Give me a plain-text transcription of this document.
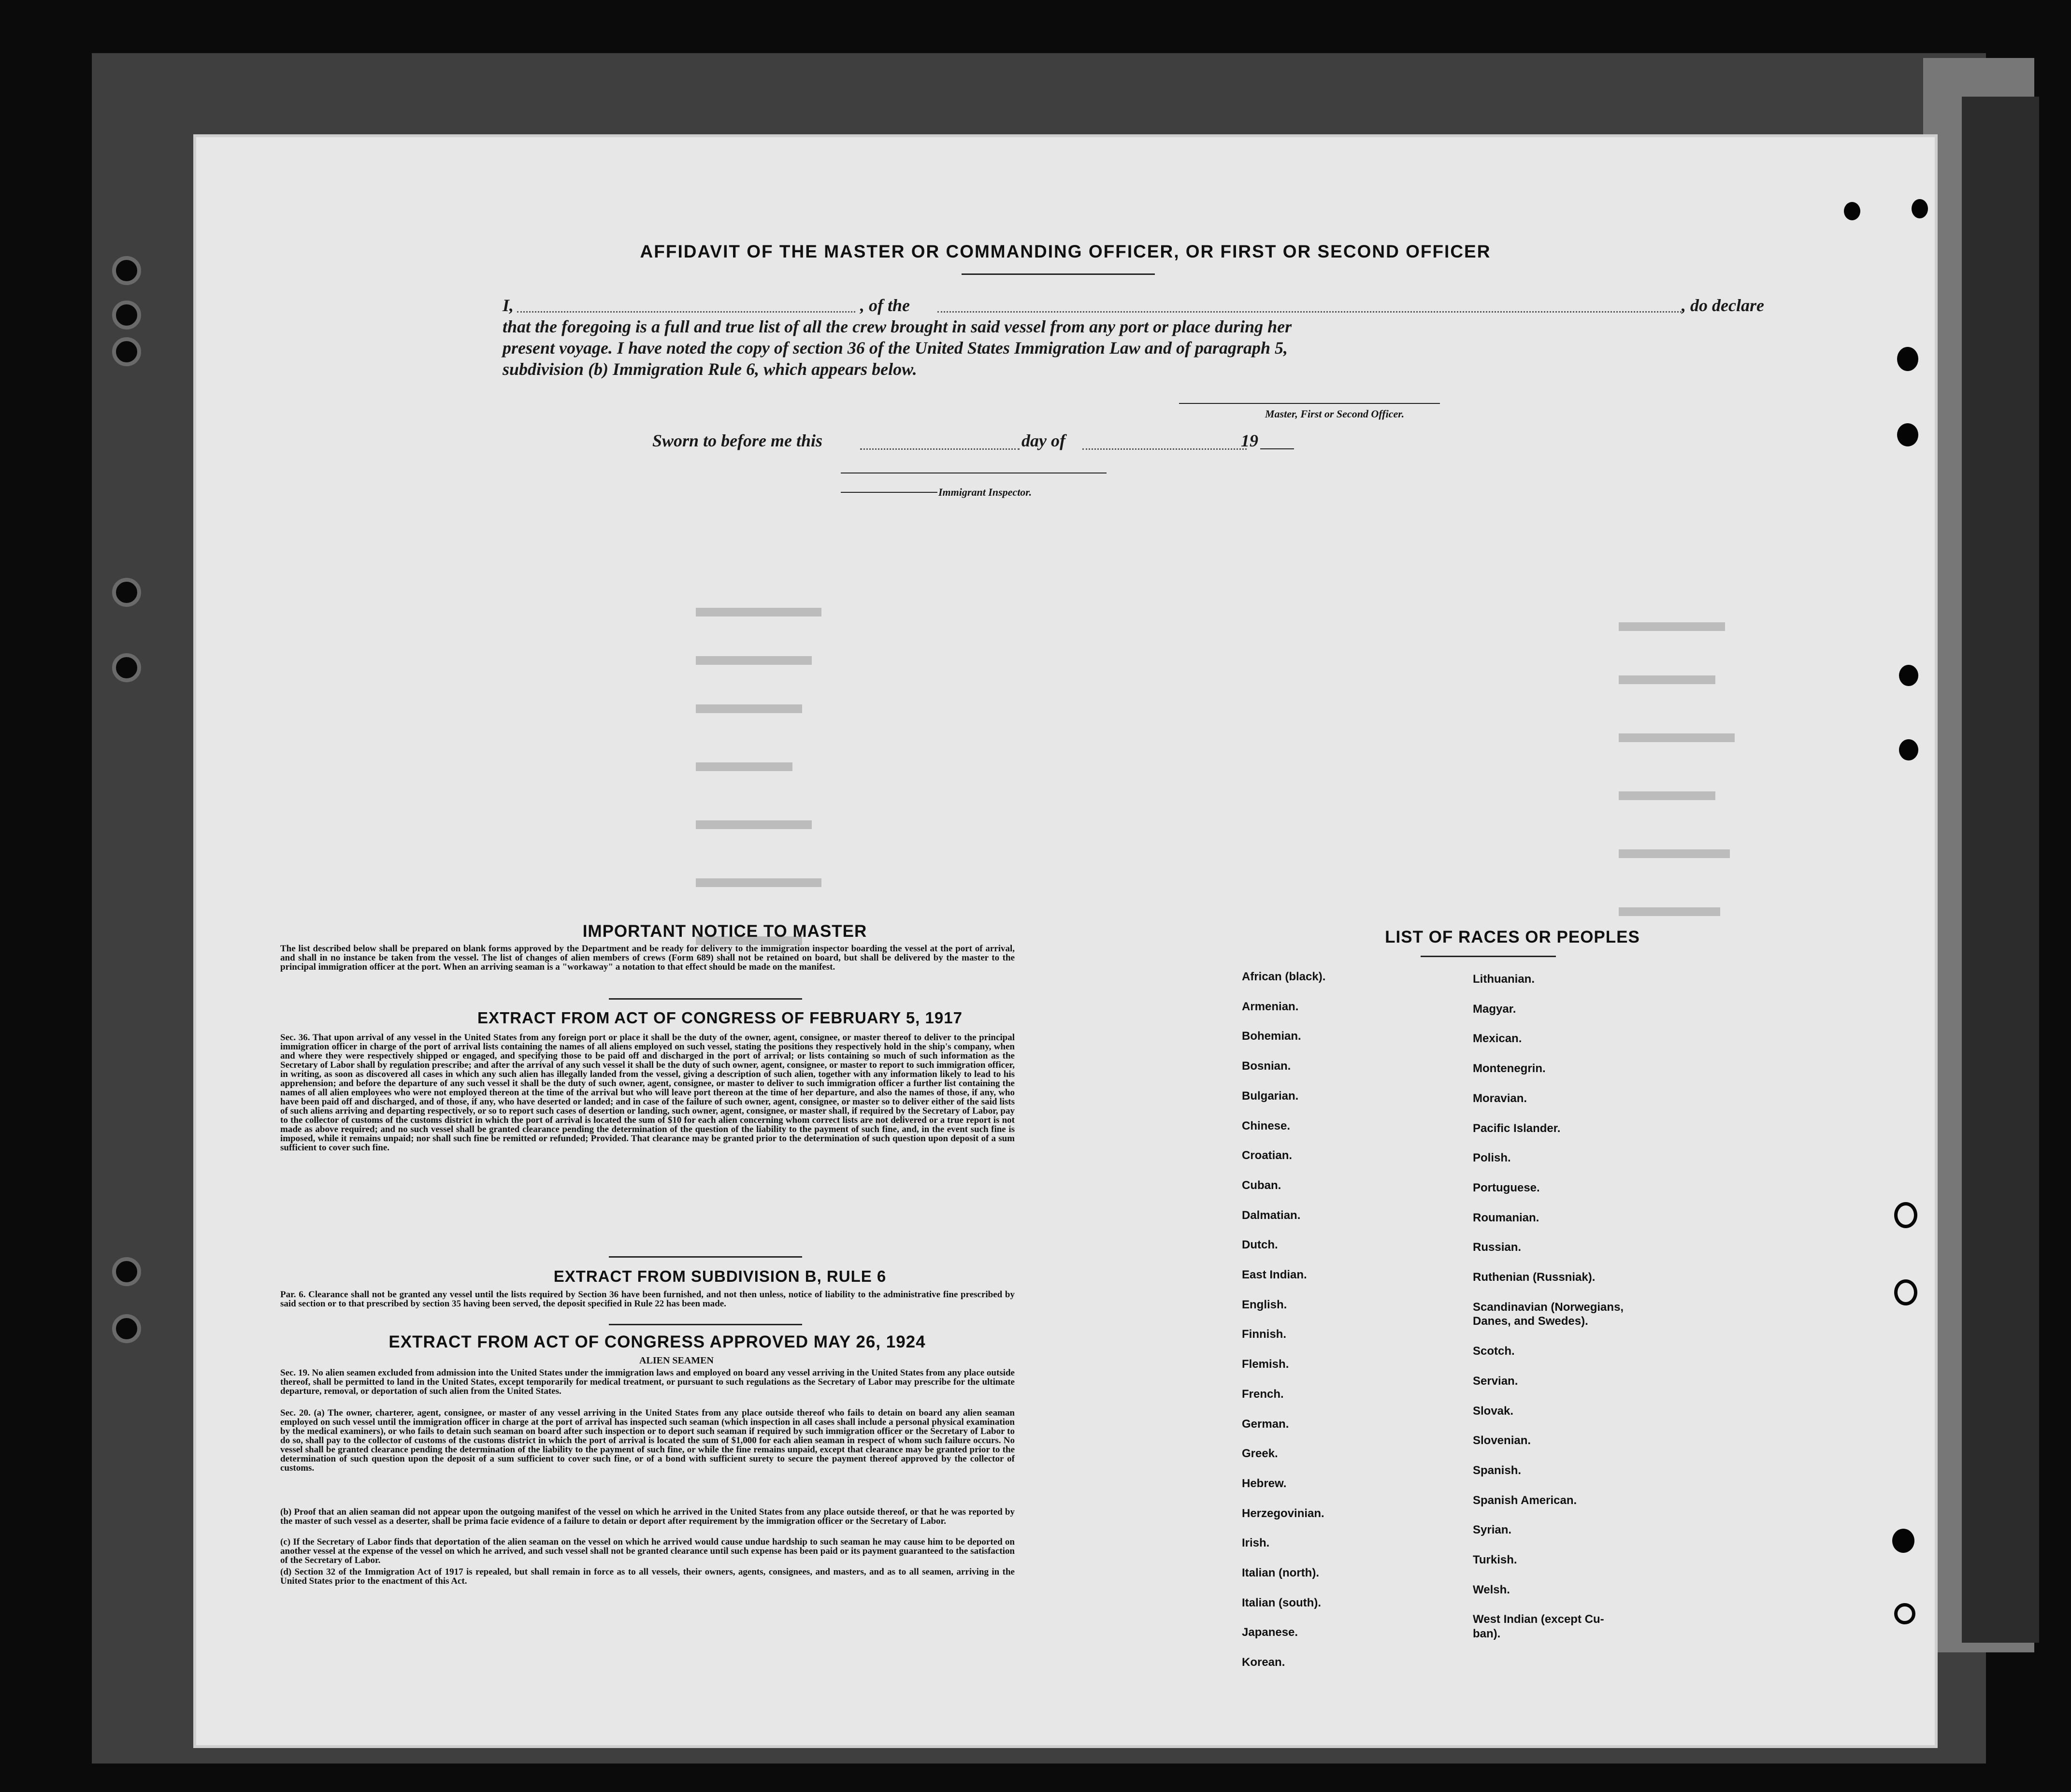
AFFIDAVIT OF THE MASTER OR COMMANDING OFFICER, OR FIRST OR SECOND OFFICER
I,	, of the	, do declare
that the foregoing is a full and true list of all the crew brought in said vessel from any port or place during her
present voyage. I have noted the copy of section 36 of the United States Immigration Law and of paragraph 5,
subdivision (b) Immigration Rule 6, which appears below.
Master, First or Second Officer.
Sworn to before me this	day of	19
Immigrant Inspector.
IMPORTANT NOTICE TO MASTER
The list described below shall be prepared on blank forms approved by the Department and be ready for delivery to the immigration inspector boarding the vessel at the port of arrival, and shall in no instance be taken from the vessel. The list of changes of alien members of crews (Form 689) shall not be retained on board, but shall be delivered by the master to the principal immigration officer at the port. When an arriving seaman is a "workaway" a notation to that effect should be made on the manifest.
EXTRACT FROM ACT OF CONGRESS OF FEBRUARY 5, 1917
Sec. 36. That upon arrival of any vessel in the United States from any foreign port or place it shall be the duty of the owner, agent, consignee, or master thereof to deliver to the principal immigration officer in charge of the port of arrival lists containing the names of all aliens employed on such vessel, stating the positions they respectively hold in the ship's company, when and where they were respectively shipped or engaged, and specifying those to be paid off and discharged in the port of arrival; or lists containing so much of such information as the Secretary of Labor shall by regulation prescribe; and after the arrival of any such vessel it shall be the duty of such owner, agent, consignee, or master to report to such immigration officer, in writing, as soon as discovered all cases in which any such alien has illegally landed from the vessel, giving a description of such alien, together with any information likely to lead to his apprehension; and before the departure of any such vessel it shall be the duty of such owner, agent, consignee, or master to deliver to such immigration officer a further list containing the names of all alien employees who were not employed thereon at the time of the arrival but who will leave port thereon at the time of her departure, and also the names of those, if any, who have been paid off and discharged, and of those, if any, who have deserted or landed; and in case of the failure of such owner, agent, consignee, or master so to deliver either of the said lists of such aliens arriving and departing respectively, or so to report such cases of desertion or landing, such owner, agent, consignee, or master shall, if required by the Secretary of Labor, pay to the collector of customs of the customs district in which the port of arrival is located the sum of $10 for each alien concerning whom correct lists are not delivered or a true report is not made as above required; and no such vessel shall be granted clearance pending the determination of the question of the liability to the payment of such fine, and, in the event such fine is imposed, while it remains unpaid; nor shall such fine be remitted or refunded; Provided. That clearance may be granted prior to the determination of such question upon deposit of a sum sufficient to cover such fine.
EXTRACT FROM SUBDIVISION B, RULE 6
Par. 6. Clearance shall not be granted any vessel until the lists required by Section 36 have been furnished, and not then unless, notice of liability to the administrative fine prescribed by said section or to that prescribed by section 35 having been served, the deposit specified in Rule 22 has been made.
EXTRACT FROM ACT OF CONGRESS APPROVED MAY 26, 1924
ALIEN SEAMEN
Sec. 19. No alien seamen excluded from admission into the United States under the immigration laws and employed on board any vessel arriving in the United States from any place outside thereof, shall be permitted to land in the United States, except temporarily for medical treatment, or pursuant to such regulations as the Secretary of Labor may prescribe for the ultimate departure, removal, or deportation of such alien from the United States.
Sec. 20. (a) The owner, charterer, agent, consignee, or master of any vessel arriving in the United States from any place outside thereof who fails to detain on board any alien seaman employed on such vessel until the immigration officer in charge at the port of arrival has inspected such seaman (which inspection in all cases shall include a personal physical examination by the medical examiners), or who fails to detain such seaman on board after such inspection or to deport such seaman if required by such immigration officer or the Secretary of Labor to do so, shall pay to the collector of customs of the customs district in which the port of arrival is located the sum of $1,000 for each alien seaman in respect of whom such failure occurs. No vessel shall be granted clearance pending the determination of the liability to the payment of such fine, or while the fine remains unpaid, except that clearance may be granted prior to the determination of such question upon the deposit of a sum sufficient to cover such fine, or of a bond with sufficient surety to secure the payment thereof approved by the collector of customs.
(b) Proof that an alien seaman did not appear upon the outgoing manifest of the vessel on which he arrived in the United States from any place outside thereof, or that he was reported by the master of such vessel as a deserter, shall be prima facie evidence of a failure to detain or deport after requirement by the immigration officer or the Secretary of Labor.
(c) If the Secretary of Labor finds that deportation of the alien seaman on the vessel on which he arrived would cause undue hardship to such seaman he may cause him to be deported on another vessel at the expense of the vessel on which he arrived, and such vessel shall not be granted clearance until such expense has been paid or its payment guaranteed to the satisfaction of the Secretary of Labor.
(d) Section 32 of the Immigration Act of 1917 is repealed, but shall remain in force as to all vessels, their owners, agents, consignees, and masters, and as to all seamen, arriving in the United States prior to the enactment of this Act.
LIST OF RACES OR PEOPLES
African (black).
Armenian.
Bohemian.
Bosnian.
Bulgarian.
Chinese.
Croatian.
Cuban.
Dalmatian.
Dutch.
East Indian.
English.
Finnish.
Flemish.
French.
German.
Greek.
Hebrew.
Herzegovinian.
Irish.
Italian (north).
Italian (south).
Japanese.
Korean.
Lithuanian.
Magyar.
Mexican.
Montenegrin.
Moravian.
Pacific Islander.
Polish.
Portuguese.
Roumanian.
Russian.
Ruthenian (Russniak).
Scandinavian (Norwegians,
Danes, and Swedes).
Scotch.
Servian.
Slovak.
Slovenian.
Spanish.
Spanish American.
Syrian.
Turkish.
Welsh.
West Indian (except Cu-
ban).
